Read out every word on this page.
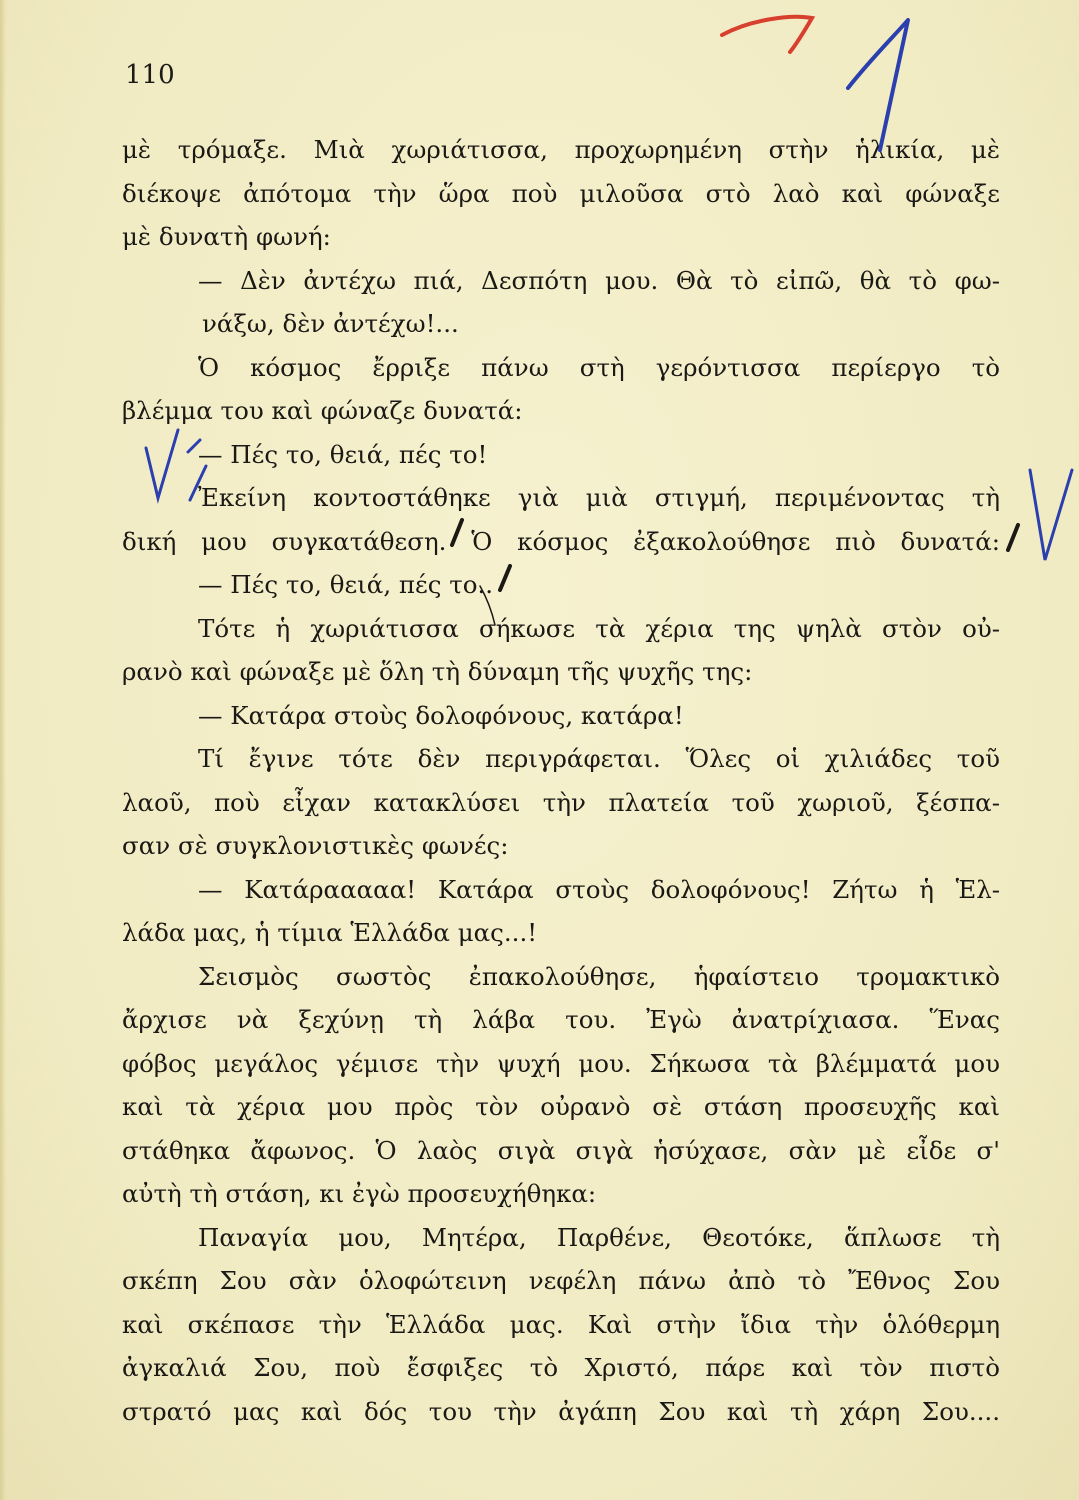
110
μὲ τρόμαξε. Μιὰ χωριάτισσα, προχωρημένη στὴν ἡλικία, μὲ
διέκοψε ἀπότομα τὴν ὥρα ποὺ μιλοῦσα στὸ λαὸ καὶ φώναξε
μὲ δυνατὴ φωνή:
— Δὲν ἀντέχω πιά, Δεσπότη μου. Θὰ τὸ εἰπῶ, θὰ τὸ φω-
νάξω, δὲν ἀντέχω!...
Ὁ κόσμος ἔρριξε πάνω στὴ γερόντισσα περίεργο τὸ
βλέμμα του καὶ φώναζε δυνατά:
— Πές το, θειά, πές το!
Ἐκείνη κοντοστάθηκε γιὰ μιὰ στιγμή, περιμένοντας τὴ
δική μου συγκατάθεση. Ὁ κόσμος ἐξακολούθησε πιὸ δυνατά:
— Πές το, θειά, πές το..
Τότε ἡ χωριάτισσα σήκωσε τὰ χέρια της ψηλὰ στὸν οὐ-
ρανὸ καὶ φώναξε μὲ ὅλη τὴ δύναμη τῆς ψυχῆς της:
— Κατάρα στοὺς δολοφόνους, κατάρα!
Τί ἔγινε τότε δὲν περιγράφεται. Ὅλες οἱ χιλιάδες τοῦ
λαοῦ, ποὺ εἶχαν κατακλύσει τὴν πλατεία τοῦ χωριοῦ, ξέσπα-
σαν σὲ συγκλονιστικὲς φωνές:
— Κατάρααααα! Κατάρα στοὺς δολοφόνους! Ζήτω ἡ Ἑλ-
λάδα μας, ἡ τίμια Ἑλλάδα μας...!
Σεισμὸς σωστὸς ἐπακολούθησε, ἡφαίστειο τρομακτικὸ
ἄρχισε νὰ ξεχύνῃ τὴ λάβα του. Ἐγὼ ἀνατρίχιασα. Ἕνας
φόβος μεγάλος γέμισε τὴν ψυχή μου. Σήκωσα τὰ βλέμματά μου
καὶ τὰ χέρια μου πρὸς τὸν οὐρανὸ σὲ στάση προσευχῆς καὶ
στάθηκα ἄφωνος. Ὁ λαὸς σιγὰ σιγὰ ἡσύχασε, σὰν μὲ εἶδε σ'
αὐτὴ τὴ στάση, κι ἐγὼ προσευχήθηκα:
Παναγία μου, Μητέρα, Παρθένε, Θεοτόκε, ἅπλωσε τὴ
σκέπη Σου σὰν ὁλοφώτεινη νεφέλη πάνω ἀπὸ τὸ Ἔθνος Σου
καὶ σκέπασε τὴν Ἑλλάδα μας. Καὶ στὴν ἴδια τὴν ὁλόθερμη
ἀγκαλιά Σου, ποὺ ἔσφιξες τὸ Χριστό, πάρε καὶ τὸν πιστὸ
στρατό μας καὶ δός του τὴν ἀγάπη Σου καὶ τὴ χάρη Σου....
